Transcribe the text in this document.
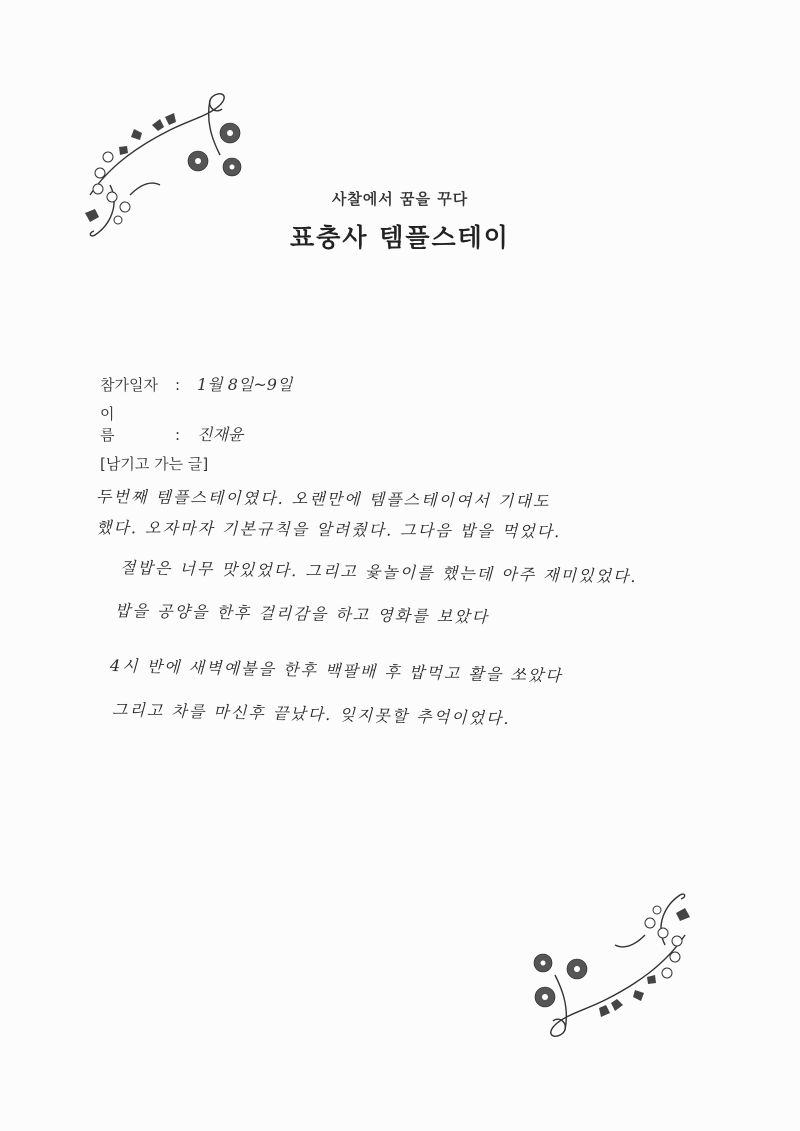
사찰에서 꿈을 꾸다
표충사 템플스테이
참가일자 : 1월 8일~9일
이 름	: 진재윤
[남기고 가는 글]
두번째 템플스테이였다. 오랜만에 템플스테이여서 기대도
했다. 오자마자 기본규칙을 알려줬다. 그다음 밥을 먹었다.
절밥은 너무 맛있었다. 그리고 윷놀이를 했는데 아주 재미있었다.
밥을 공양을 한후 걸리감을 하고 영화를 보았다
4시 반에 새벽예불을 한후 백팔배 후 밥먹고 활을 쏘았다
그리고 차를 마신후 끝났다. 잊지못할 추억이었다.
